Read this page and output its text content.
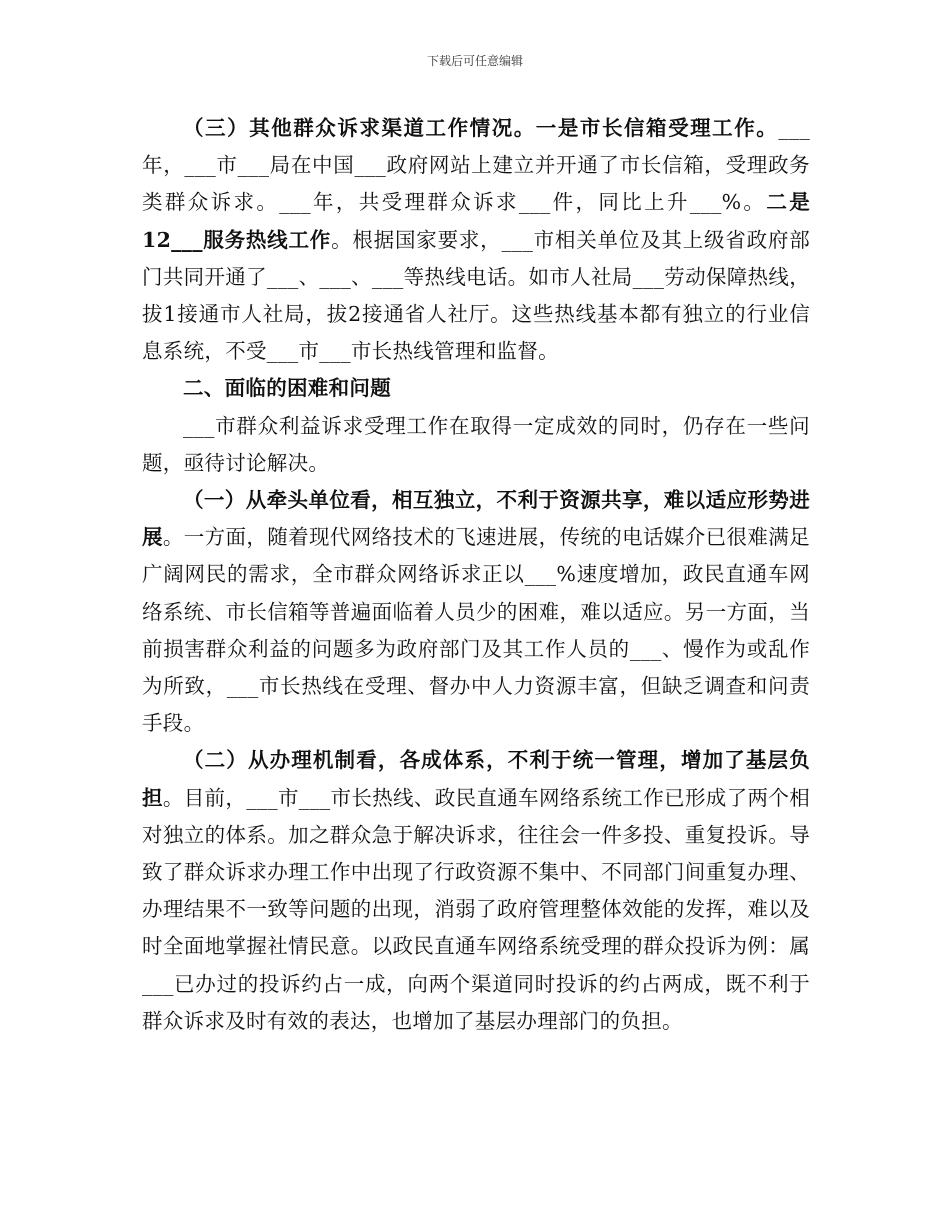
下载后可任意编辑

（三）其他群众诉求渠道工作情况。一是市长信箱受理工作。___年，___市___局在中国___政府网站上建立并开通了市长信箱，受理政务类群众诉求。___年，共受理群众诉求___件，同比上升___%。二是12___服务热线工作。根据国家要求，___市相关单位及其上级省政府部门共同开通了___、___、___等热线电话。如市人社局___劳动保障热线，拔1接通市人社局，拔2接通省人社厅。这些热线基本都有独立的行业信息系统，不受___市___市长热线管理和监督。

二、面临的困难和问题

___市群众利益诉求受理工作在取得一定成效的同时，仍存在一些问题，亟待讨论解决。

（一）从牵头单位看，相互独立，不利于资源共享，难以适应形势进展。一方面，随着现代网络技术的飞速进展，传统的电话媒介已很难满足广阔网民的需求，全市群众网络诉求正以___%速度增加，政民直通车网络系统、市长信箱等普遍面临着人员少的困难，难以适应。另一方面，当前损害群众利益的问题多为政府部门及其工作人员的___、慢作为或乱作为所致，___市长热线在受理、督办中人力资源丰富，但缺乏调查和问责手段。

（二）从办理机制看，各成体系，不利于统一管理，增加了基层负担。目前，___市___市长热线、政民直通车网络系统工作已形成了两个相对独立的体系。加之群众急于解决诉求，往往会一件多投、重复投诉。导致了群众诉求办理工作中出现了行政资源不集中、不同部门间重复办理、办理结果不一致等问题的出现，消弱了政府管理整体效能的发挥，难以及时全面地掌握社情民意。以政民直通车网络系统受理的群众投诉为例：属___已办过的投诉约占一成，向两个渠道同时投诉的约占两成，既不利于群众诉求及时有效的表达，也增加了基层办理部门的负担。
